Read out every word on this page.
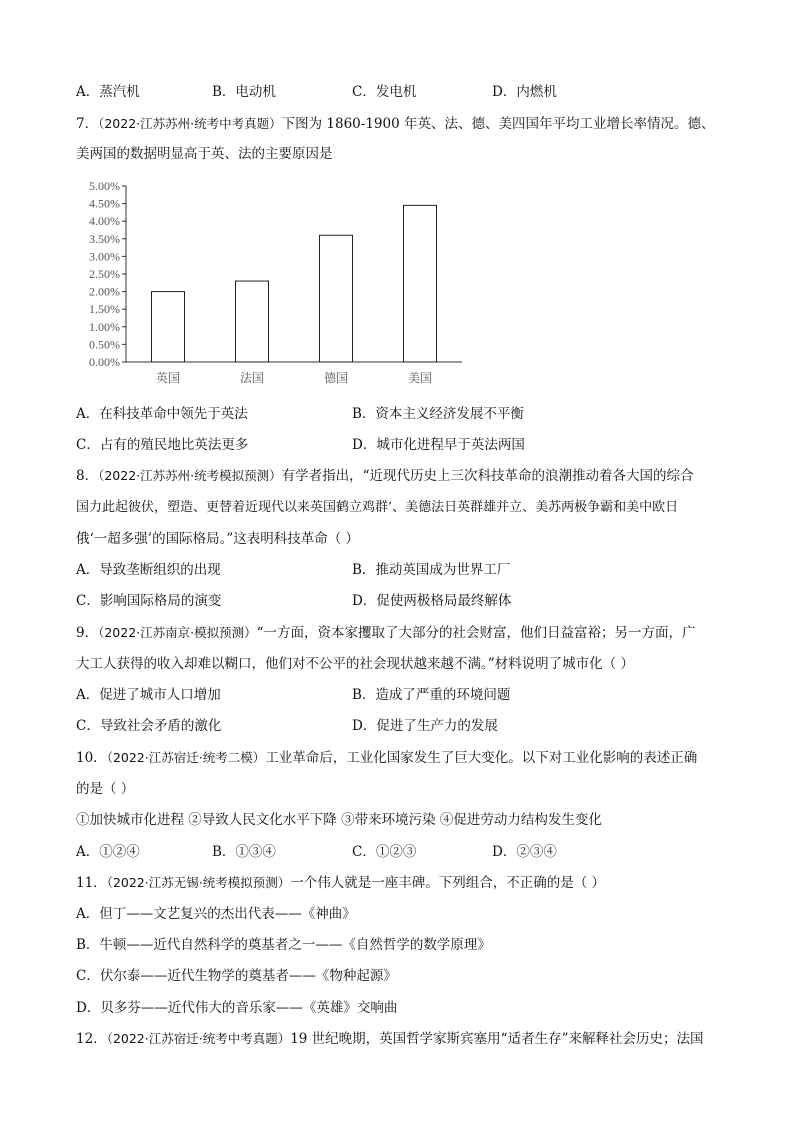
A．蒸汽机	B．电动机	C．发电机	D．内燃机
7．（2022·江苏苏州·统考中考真题）下图为 1860-1900 年英、法、德、美四国年平均工业增长率情况。德、
美两国的数据明显高于英、法的主要原因是
0.00%
0.50%
1.00%
1.50%
2.00%
2.50%
3.00%
3.50%
4.00%
4.50%
5.00%
英国	法国	德国	美国
A．在科技革命中领先于英法	B．资本主义经济发展不平衡
C．占有的殖民地比英法更多	D．城市化进程早于英法两国
8．（2022·江苏苏州·统考模拟预测）有学者指出，“近现代历史上三次科技革命的浪潮推动着各大国的综合
国力此起彼伏，塑造、更替着近现代以来英国鹤立鸡群’、美德法日英群雄并立、美苏两极争霸和美中欧日
俄‘一超多强’的国际格局。”这表明科技革命（ ）
A．导致垄断组织的出现	B．推动英国成为世界工厂
C．影响国际格局的演变	D．促使两极格局最终解体
9．（2022·江苏南京·模拟预测）“一方面，资本家攫取了大部分的社会财富，他们日益富裕；另一方面，广
大工人获得的收入却难以糊口，他们对不公平的社会现状越来越不满。”材料说明了城市化（ ）
A．促进了城市人口增加	B．造成了严重的环境问题
C．导致社会矛盾的激化	D．促进了生产力的发展
10．（2022·江苏宿迁·统考二模）工业革命后，工业化国家发生了巨大变化。以下对工业化影响的表述正确
的是（ ）
①加快城市化进程 ②导致人民文化水平下降 ③带来环境污染 ④促进劳动力结构发生变化
A．①②④	B．①③④	C．①②③	D．②③④
11．（2022·江苏无锡·统考模拟预测）一个伟人就是一座丰碑。下列组合，不正确的是（ ）
A．但丁——文艺复兴的杰出代表——《神曲》
B．牛顿——近代自然科学的奠基者之一——《自然哲学的数学原理》
C．伏尔泰——近代生物学的奠基者——《物种起源》
D．贝多芬——近代伟大的音乐家——《英雄》交响曲
12．（2022·江苏宿迁·统考中考真题）19 世纪晚期，英国哲学家斯宾塞用“适者生存”来解释社会历史；法国
